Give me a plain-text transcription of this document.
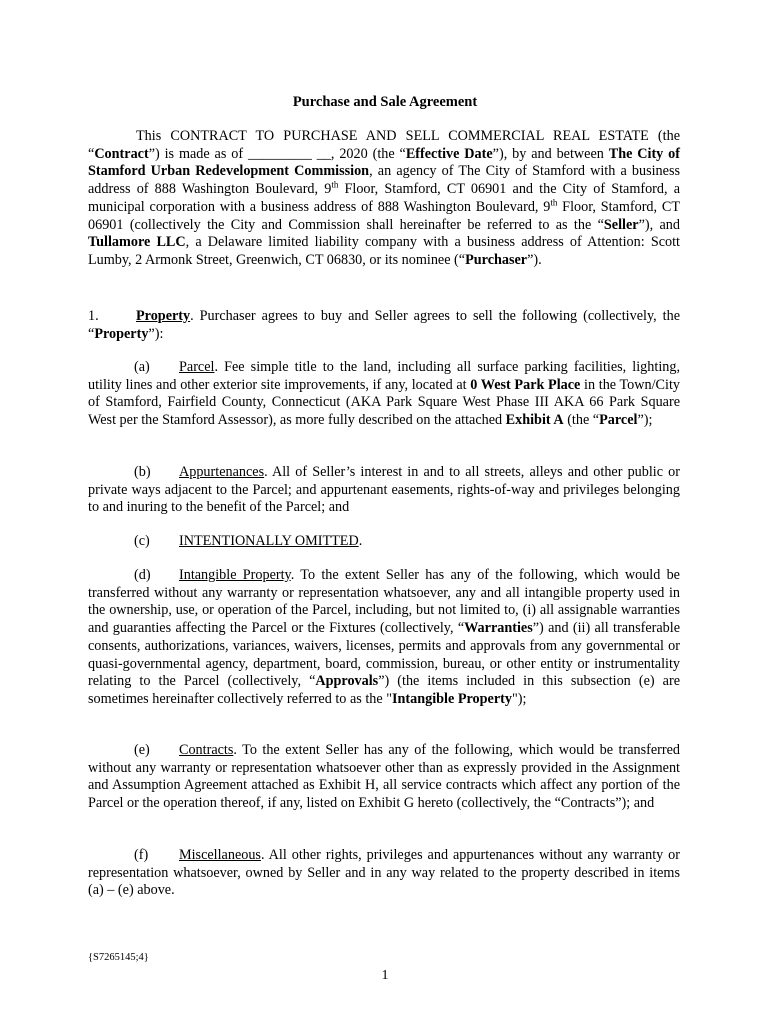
Purchase and Sale Agreement
This CONTRACT TO PURCHASE AND SELL COMMERCIAL REAL ESTATE (the “Contract”) is made as of _________ __, 2020 (the “Effective Date”), by and between The City of Stamford Urban Redevelopment Commission, an agency of The City of Stamford with a business address of 888 Washington Boulevard, 9th Floor, Stamford, CT 06901 and the City of Stamford, a municipal corporation with a business address of 888 Washington Boulevard, 9th Floor, Stamford, CT 06901 (collectively the City and Commission shall hereinafter be referred to as the “Seller”), and Tullamore LLC, a Delaware limited liability company with a business address of Attention: Scott Lumby, 2 Armonk Street, Greenwich, CT 06830, or its nominee (“Purchaser”).
1.	Property. Purchaser agrees to buy and Seller agrees to sell the following (collectively, the “Property”):
(a) Parcel. Fee simple title to the land, including all surface parking facilities, lighting, utility lines and other exterior site improvements, if any, located at 0 West Park Place in the Town/City of Stamford, Fairfield County, Connecticut (AKA Park Square West Phase III AKA 66 Park Square West per the Stamford Assessor), as more fully described on the attached Exhibit A (the “Parcel”);
(b) Appurtenances. All of Seller’s interest in and to all streets, alleys and other public or private ways adjacent to the Parcel; and appurtenant easements, rights-of-way and privileges belonging to and inuring to the benefit of the Parcel; and
(c) INTENTIONALLY OMITTED.
(d) Intangible Property. To the extent Seller has any of the following, which would be transferred without any warranty or representation whatsoever, any and all intangible property used in the ownership, use, or operation of the Parcel, including, but not limited to, (i) all assignable warranties and guaranties affecting the Parcel or the Fixtures (collectively, “Warranties”) and (ii) all transferable consents, authorizations, variances, waivers, licenses, permits and approvals from any governmental or quasi-governmental agency, department, board, commission, bureau, or other entity or instrumentality relating to the Parcel (collectively, “Approvals”) (the items included in this subsection (e) are sometimes hereinafter collectively referred to as the "Intangible Property");
(e) Contracts. To the extent Seller has any of the following, which would be transferred without any warranty or representation whatsoever other than as expressly provided in the Assignment and Assumption Agreement attached as Exhibit H, all service contracts which affect any portion of the Parcel or the operation thereof, if any, listed on Exhibit G hereto (collectively, the “Contracts”); and
(f) Miscellaneous. All other rights, privileges and appurtenances without any warranty or representation whatsoever, owned by Seller and in any way related to the property described in items (a) – (e) above.
{S7265145;4}
1
